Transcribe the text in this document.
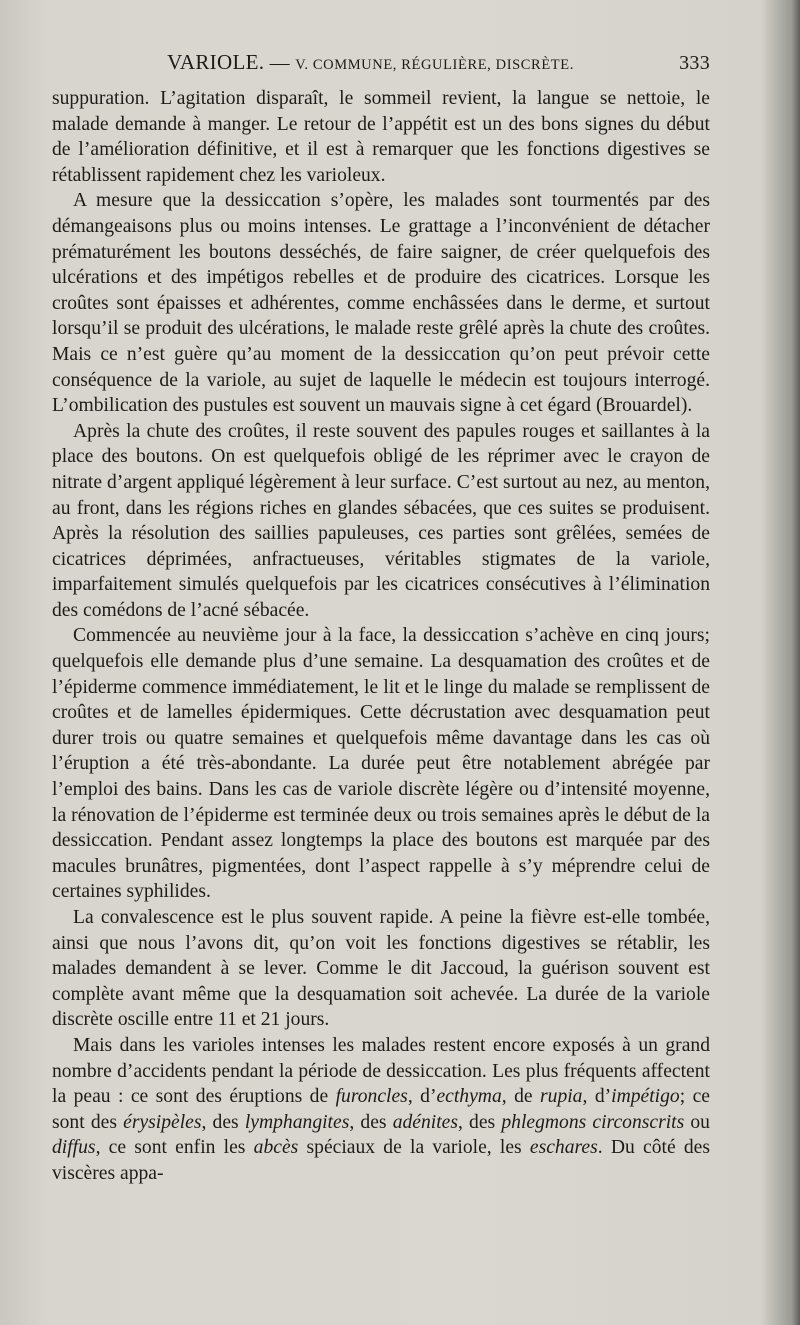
VARIOLE. — V. COMMUNE, RÉGULIÈRE, DISCRÈTE.	333

suppuration. L’agitation disparaît, le sommeil revient, la langue se nettoie, le malade demande à manger. Le retour de l’appétit est un des bons signes du début de l’amélioration définitive, et il est à remarquer que les fonctions digestives se rétablissent rapidement chez les varioleux.

A mesure que la dessiccation s’opère, les malades sont tourmentés par des démangeaisons plus ou moins intenses. Le grattage a l’inconvénient de détacher prématurément les boutons desséchés, de faire saigner, de créer quelquefois des ulcérations et des impétigos rebelles et de produire des cicatrices. Lorsque les croûtes sont épaisses et adhérentes, comme enchâssées dans le derme, et surtout lorsqu’il se produit des ulcérations, le malade reste grêlé après la chute des croûtes. Mais ce n’est guère qu’au moment de la dessiccation qu’on peut prévoir cette conséquence de la variole, au sujet de laquelle le médecin est toujours interrogé. L’ombilication des pustules est souvent un mauvais signe à cet égard (Brouardel).

Après la chute des croûtes, il reste souvent des papules rouges et saillantes à la place des boutons. On est quelquefois obligé de les réprimer avec le crayon de nitrate d’argent appliqué légèrement à leur surface. C’est surtout au nez, au menton, au front, dans les régions riches en glandes sébacées, que ces suites se produisent. Après la résolution des saillies papuleuses, ces parties sont grêlées, semées de cicatrices déprimées, anfractueuses, véritables stigmates de la variole, imparfaitement simulés quelquefois par les cicatrices consécutives à l’élimination des comédons de l’acné sébacée.

Commencée au neuvième jour à la face, la dessiccation s’achève en cinq jours; quelquefois elle demande plus d’une semaine. La desquamation des croûtes et de l’épiderme commence immédiatement, le lit et le linge du malade se remplissent de croûtes et de lamelles épidermiques. Cette décrustation avec desquamation peut durer trois ou quatre semaines et quelquefois même davantage dans les cas où l’éruption a été très-abondante. La durée peut être notablement abrégée par l’emploi des bains. Dans les cas de variole discrète légère ou d’intensité moyenne, la rénovation de l’épiderme est terminée deux ou trois semaines après le début de la dessiccation. Pendant assez longtemps la place des boutons est marquée par des macules brunâtres, pigmentées, dont l’aspect rappelle à s’y méprendre celui de certaines syphilides.

La convalescence est le plus souvent rapide. A peine la fièvre est-elle tombée, ainsi que nous l’avons dit, qu’on voit les fonctions digestives se rétablir, les malades demandent à se lever. Comme le dit Jaccoud, la guérison souvent est complète avant même que la desquamation soit achevée. La durée de la variole discrète oscille entre 11 et 21 jours.

Mais dans les varioles intenses les malades restent encore exposés à un grand nombre d’accidents pendant la période de dessiccation. Les plus fréquents affectent la peau : ce sont des éruptions de furoncles, d’ecthyma, de rupia, d’impétigo; ce sont des érysipèles, des lymphangites, des adénites, des phlegmons circonscrits ou diffus, ce sont enfin les abcès spéciaux de la variole, les eschares. Du côté des viscères appa-
